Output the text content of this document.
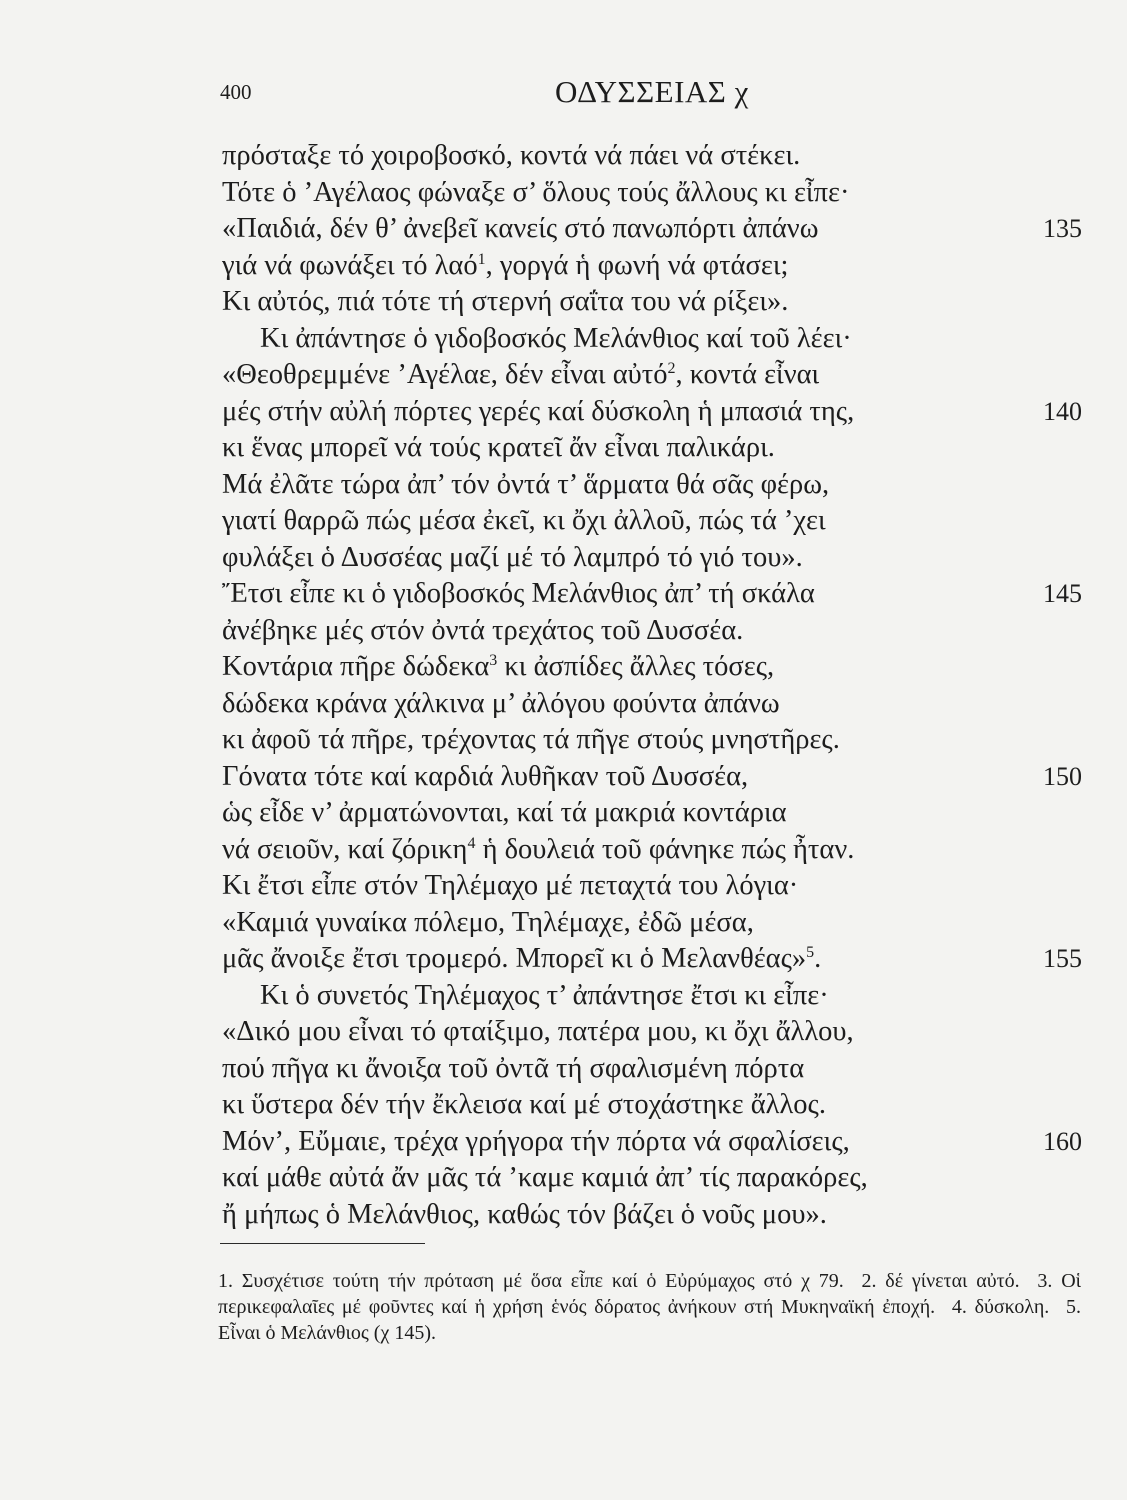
400	ΟΔΥΣΣΕΙΑΣ χ
πρόσταξε τό χοιροβοσκό, κοντά νά πάει νά στέκει.
Τότε ὁ ’Αγέλαος φώναξε σ’ ὅλους τούς ἄλλους κι εἶπε·
«Παιδιά, δέν θ’ ἀνεβεῖ κανείς στό πανωπόρτι ἀπάνω	135
γιά νά φωνάξει τό λαό$^1$, γοργά ἡ φωνή νά φτάσει;
Κι αὐτός, πιά τότε τή στερνή σαΐτα του νά ρίξει».
Κι ἀπάντησε ὁ γιδοβοσκός Μελάνθιος καί τοῦ λέει·
«Θεοθρεμμένε ’Αγέλαε, δέν εἶναι αὐτό$^2$, κοντά εἶναι
μές στήν αὐλή πόρτες γερές καί δύσκολη ἡ μπασιά της,	140
κι ἕνας μπορεῖ νά τούς κρατεῖ ἄν εἶναι παλικάρι.
Μά ἐλᾶτε τώρα ἀπ’ τόν ὀντά τ’ ἅρματα θά σᾶς φέρω,
γιατί θαρρῶ πώς μέσα ἐκεῖ, κι ὄχι ἀλλοῦ, πώς τά ’χει
φυλάξει ὁ Δυσσέας μαζί μέ τό λαμπρό τό γιό του».
Ἔτσι εἶπε κι ὁ γιδοβοσκός Μελάνθιος ἀπ’ τή σκάλα	145
ἀνέβηκε μές στόν ὀντά τρεχάτος τοῦ Δυσσέα.
Κοντάρια πῆρε δώδεκα$^3$ κι ἀσπίδες ἄλλες τόσες,
δώδεκα κράνα χάλκινα μ’ ἀλόγου φούντα ἀπάνω
κι ἀφοῦ τά πῆρε, τρέχοντας τά πῆγε στούς μνηστῆρες.
Γόνατα τότε καί καρδιά λυθῆκαν τοῦ Δυσσέα,	150
ὡς εἶδε ν’ ἀρματώνονται, καί τά μακριά κοντάρια
νά σειοῦν, καί ζόρικη$^4$ ἡ δουλειά τοῦ φάνηκε πώς ἦταν.
Κι ἔτσι εἶπε στόν Τηλέμαχο μέ πεταχτά του λόγια·
«Καμιά γυναίκα πόλεμο, Τηλέμαχε, ἐδῶ μέσα,
μᾶς ἄνοιξε ἔτσι τρομερό. Μπορεῖ κι ὁ Μελανθέας»$^5$.	155
Κι ὁ συνετός Τηλέμαχος τ’ ἀπάντησε ἔτσι κι εἶπε·
«Δικό μου εἶναι τό φταίξιμο, πατέρα μου, κι ὄχι ἄλλου,
πού πῆγα κι ἄνοιξα τοῦ ὀντᾶ τή σφαλισμένη πόρτα
κι ὕστερα δέν τήν ἔκλεισα καί μέ στοχάστηκε ἄλλος.
Μόν’, Εὔμαιε, τρέχα γρήγορα τήν πόρτα νά σφαλίσεις,	160
καί μάθε αὐτά ἄν μᾶς τά ’καμε καμιά ἀπ’ τίς παρακόρες,
ἤ μήπως ὁ Μελάνθιος, καθώς τόν βάζει ὁ νοῦς μου».
1. Συσχέτισε τούτη τήν πρόταση μέ ὅσα εἶπε καί ὁ Εὐρύμαχος στό χ 79. 2. δέ γίνεται αὐτό. 3. Οἱ περικεφαλαῖες μέ φοῦντες καί ἡ χρήση ἑνός δόρατος ἀνήκουν στή Μυκηναϊκή ἐποχή. 4. δύσκολη. 5. Εἶναι ὁ Μελάνθιος (χ 145).
